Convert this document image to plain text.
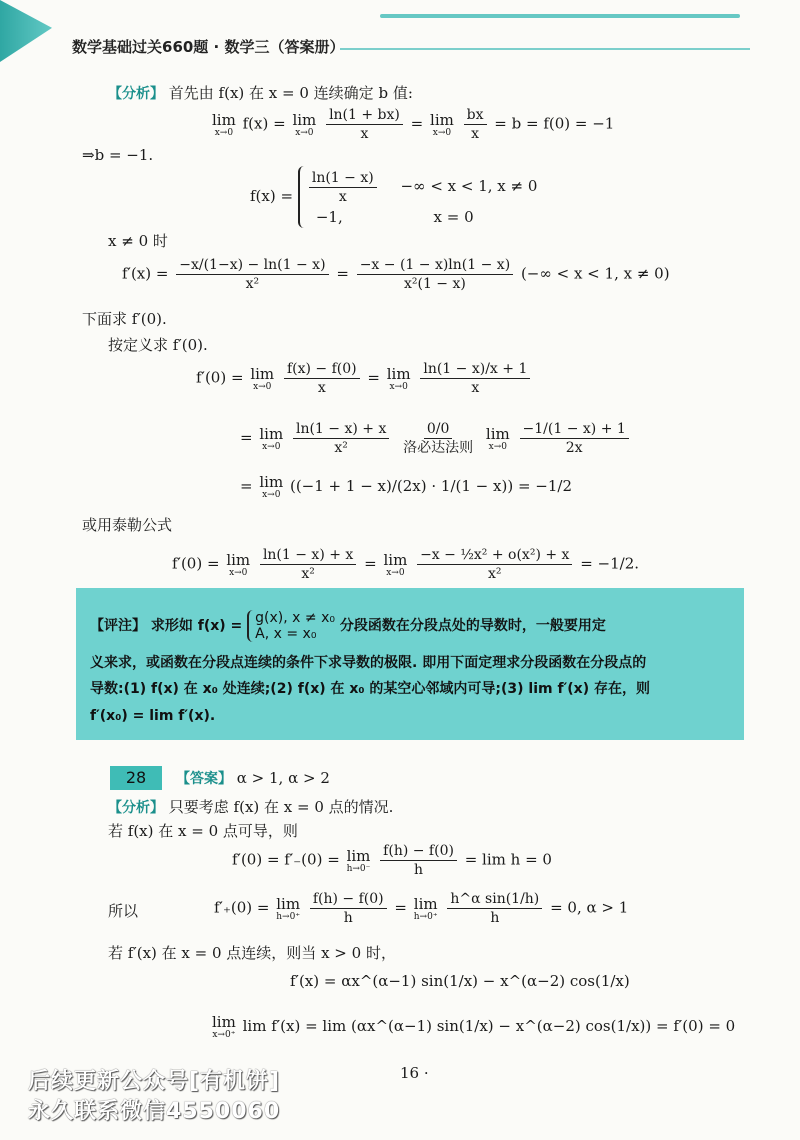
数学基础过关660题 · 数学三（答案册）
【分析】 首先由 f(x) 在 x = 0 连续确定 b 值:
lim
x→0 f(x) = lim
x→0
$\frac{\ln(1 + bx)}{x} = \lim$
x→0
$\frac{bx}{x} = b = f(0) = -1$
⇒b = −1.
$f(x) = \frac{\ln(1 - x)}{x}$ −∞ < x < 1, x ≠ 0
−1,	x = 0
x ≠ 0 时
$f'(x) = \frac{-x/(1-x) - \ln(1 - x)}{\text{x²}} = \frac{-x - (1 - x)\ln(1 - x)}{\text{x²(1 − x)}}$ (−∞ < x < 1, x ≠ 0)
下面求 f′(0).
按定义求 f′(0).
f′(0) = lim
x→0
$\frac{f(x) - f(0)}{x} = \lim$
x→0
$\frac{\ln(1 - x)/x + 1}{x}$
= lim
x→0
$\frac{\ln(1 - x) + x}{\text{x²}}$
$\frac{0/0}{\text{洛必达法则}}$
lim
x→0
$\frac{-1/(1 - x) + 1}{2x}$
= lim
x→0 ((−1 + 1 − x)/(2x) · 1/(1 − x)) = −1/2
或用泰勒公式
f′(0) = lim
x→0
$\frac{\ln(1 - x) + x}{\text{x²}} = \lim$
x→0
$\frac{\text{−x − ½x² + o(x²) + x}}{\text{x²}} = -1/2$.
【评注】 求形如 f(x) = g(x), x ≠ x₀
A, x = x₀	分段函数在分段点处的导数时，一般要用定
义来求，或函数在分段点连续的条件下求导数的极限. 即用下面定理求分段函数在分段点的
导数:(1) f(x) 在 x₀ 处连续;(2) f(x) 在 x₀ 的某空心邻域内可导;(3) lim f′(x) 存在，则
f′(x₀) = lim f′(x).
28	【答案】 α > 1, α > 2
【分析】 只要考虑 f(x) 在 x = 0 点的情况.
若 f(x) 在 x = 0 点可导，则
f′(0) = f′₋(0) = lim
h→0⁻
$\frac{f(h) - f(0)}{h} = \lim h = 0$
所以	f′₊(0) = lim
h→0⁺
$\frac{f(h) - f(0)}{h} = \lim$
h→0⁺
$\frac{\text{h\textasciicircum{}α sin(1/h)}}{h} = 0$, α > 1
若 f′(x) 在 x = 0 点连续，则当 x > 0 时，
f′(x) = αx^(α−1) sin(1/x) − x^(α−2) cos(1/x)
lim
x→0⁺ lim f′(x) = lim (αx^(α−1) sin(1/x) − x^(α−2) cos(1/x)) = f′(0) = 0
16 ·
后续更新公众号[有机饼]
永久联系微信4550060
